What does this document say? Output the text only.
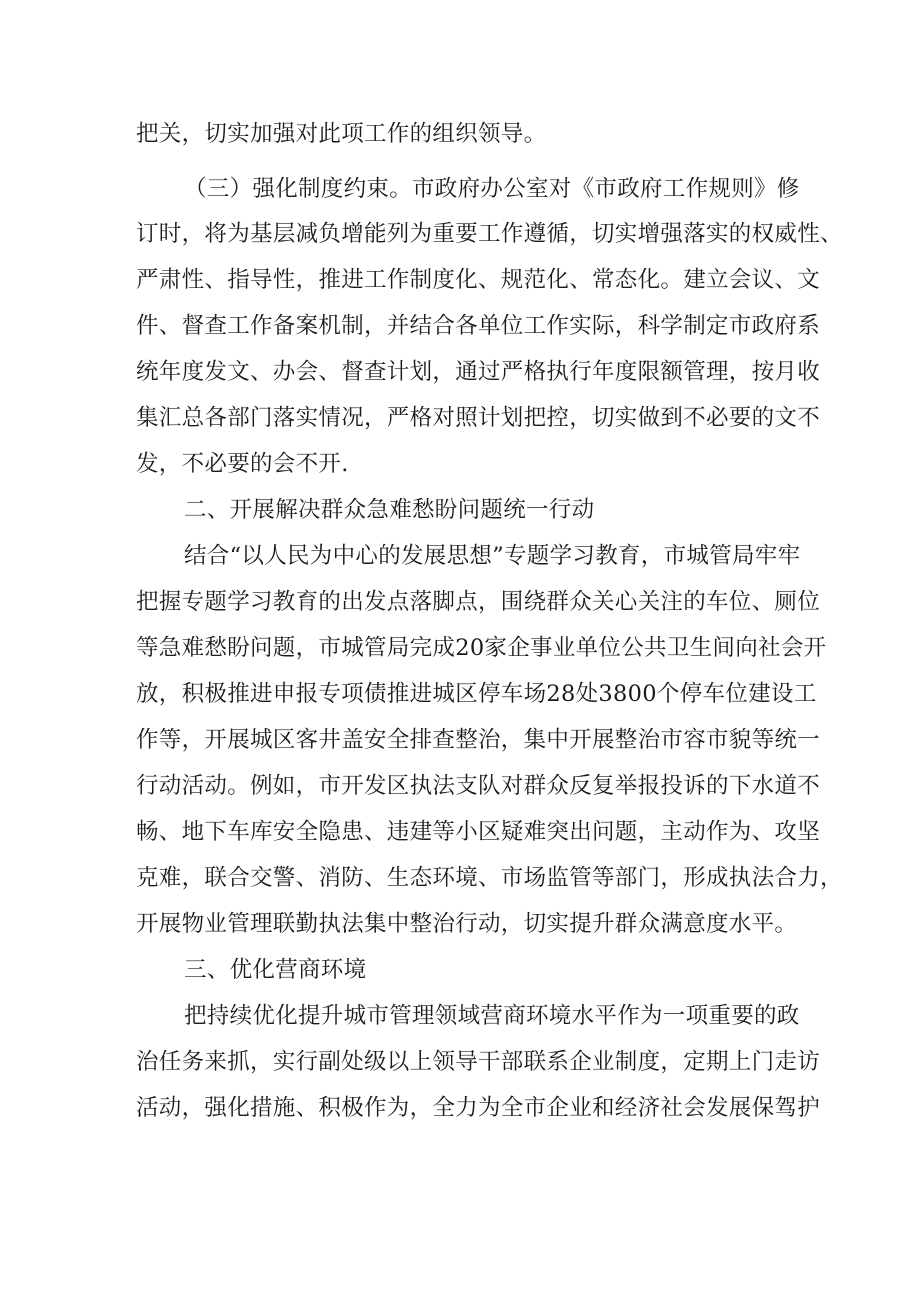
把关，切实加强对此项工作的组织领导。
（三）强化制度约束。市政府办公室对《市政府工作规则》修
订时，将为基层减负增能列为重要工作遵循，切实增强落实的权威性、
严肃性、指导性，推进工作制度化、规范化、常态化。建立会议、文
件、督查工作备案机制，并结合各单位工作实际，科学制定市政府系
统年度发文、办会、督查计划，通过严格执行年度限额管理，按月收
集汇总各部门落实情况，严格对照计划把控，切实做到不必要的文不
发，不必要的会不开.
二、开展解决群众急难愁盼问题统一行动
结合“以人民为中心的发展思想”专题学习教育，市城管局牢牢
把握专题学习教育的出发点落脚点，围绕群众关心关注的车位、厕位
等急难愁盼问题，市城管局完成20家企事业单位公共卫生间向社会开
放，积极推进申报专项债推进城区停车场28处3800个停车位建设工
作等，开展城区客井盖安全排查整治，集中开展整治市容市貌等统一
行动活动。例如，市开发区执法支队对群众反复举报投诉的下水道不
畅、地下车库安全隐患、违建等小区疑难突出问题，主动作为、攻坚
克难，联合交警、消防、生态环境、市场监管等部门，形成执法合力，
开展物业管理联勤执法集中整治行动，切实提升群众满意度水平。
三、优化营商环境
把持续优化提升城市管理领域营商环境水平作为一项重要的政
治任务来抓，实行副处级以上领导干部联系企业制度，定期上门走访
活动，强化措施、积极作为，全力为全市企业和经济社会发展保驾护
